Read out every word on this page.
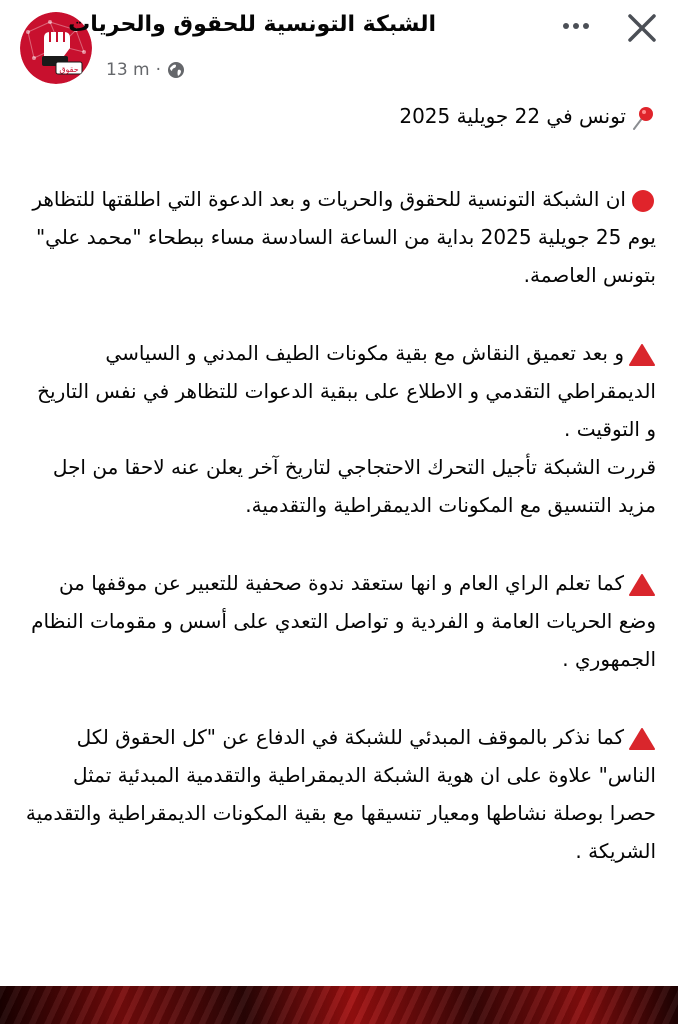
حقوق
الشبكة التونسية للحقوق والحريات
13 m ·

تونس في 22 جويلية 2025

ان الشبكة التونسية للحقوق والحريات و بعد الدعوة التي اطلقتها للتظاهر يوم 25 جويلية 2025 بداية من الساعة السادسة مساء ببطحاء "محمد علي" بتونس العاصمة.

و بعد تعميق النقاش مع بقية مكونات الطيف المدني و السياسي الديمقراطي التقدمي و الاطلاع على ببقية الدعوات للتظاهر في نفس التاريخ و التوقيت .

قررت الشبكة تأجيل التحرك الاحتجاجي لتاريخ آخر يعلن عنه لاحقا من اجل مزيد التنسيق مع المكونات الديمقراطية والتقدمية.

كما تعلم الراي العام و انها ستعقد ندوة صحفية للتعبير عن موقفها من وضع الحريات العامة و الفردية و تواصل التعدي على أسس و مقومات النظام الجمهوري .

كما نذكر بالموقف المبدئي للشبكة في الدفاع عن "كل الحقوق لكل الناس" علاوة على ان هوية الشبكة الديمقراطية والتقدمية المبدئية تمثل حصرا بوصلة نشاطها ومعيار تنسيقها مع بقية المكونات الديمقراطية والتقدمية الشريكة .
